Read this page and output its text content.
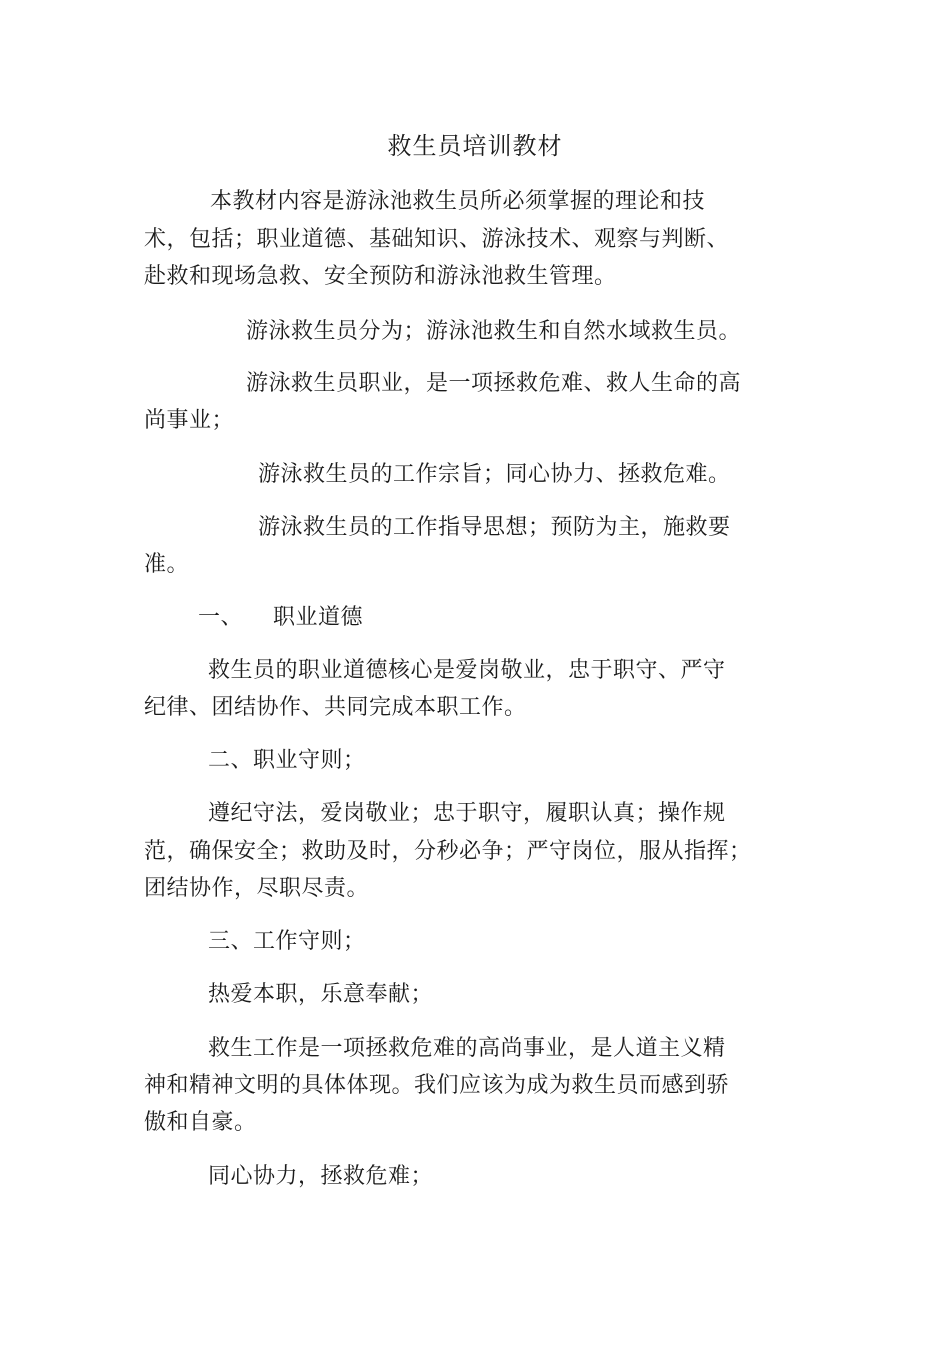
救生员培训教材
本教材内容是游泳池救生员所必须掌握的理论和技
术，包括；职业道德、基础知识、游泳技术、观察与判断、
赴救和现场急救、安全预防和游泳池救生管理。
游泳救生员分为；游泳池救生和自然水域救生员。
游泳救生员职业，是一项拯救危难、救人生命的高
尚事业；
游泳救生员的工作宗旨；同心协力、拯救危难。
游泳救生员的工作指导思想；预防为主，施救要
准。
一、    职业道德
救生员的职业道德核心是爱岗敬业，忠于职守、严守
纪律、团结协作、共同完成本职工作。
二、职业守则；
遵纪守法，爱岗敬业；忠于职守，履职认真；操作规
范，确保安全；救助及时，分秒必争；严守岗位，服从指挥；
团结协作，尽职尽责。
三、工作守则；
热爱本职，乐意奉献；
救生工作是一项拯救危难的高尚事业，是人道主义精
神和精神文明的具体体现。我们应该为成为救生员而感到骄
傲和自豪。
同心协力，拯救危难；
